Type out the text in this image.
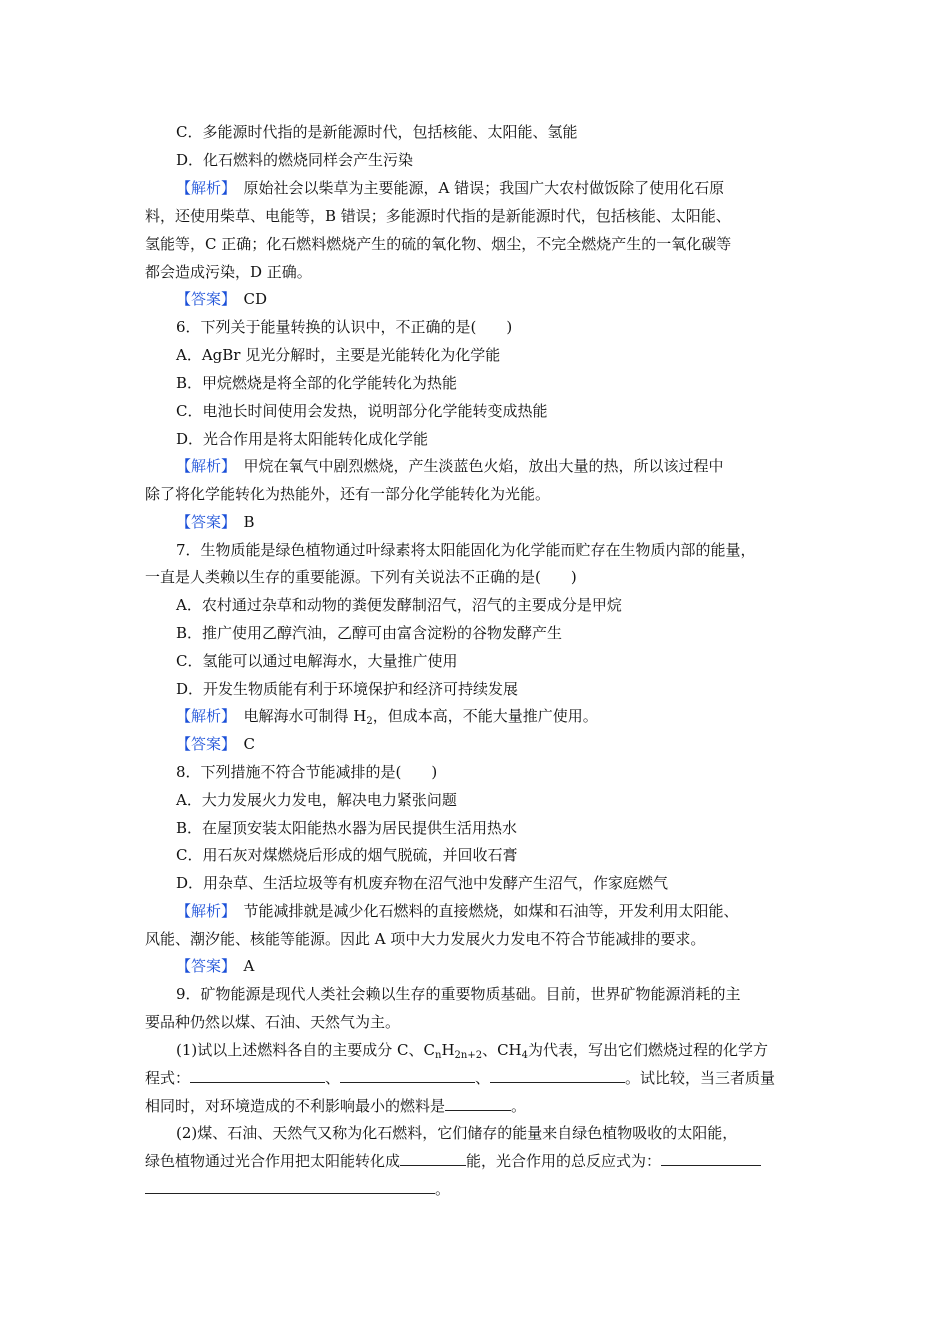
C．多能源时代指的是新能源时代，包括核能、太阳能、氢能
D．化石燃料的燃烧同样会产生污染
【解析】　 原始社会以柴草为主要能源，A 错误；我国广大农村做饭除了使用化石原
料，还使用柴草、电能等，B 错误；多能源时代指的是新能源时代，包括核能、太阳能、
氢能等，C 正确；化石燃料燃烧产生的硫的氧化物、烟尘，不完全燃烧产生的一氧化碳等
都会造成污染，D 正确。
【答案】　 CD
6．下列关于能量转换的认识中，不正确的是(　　)
A．AgBr 见光分解时，主要是光能转化为化学能
B．甲烷燃烧是将全部的化学能转化为热能
C．电池长时间使用会发热，说明部分化学能转变成热能
D．光合作用是将太阳能转化成化学能
【解析】　 甲烷在氧气中剧烈燃烧，产生淡蓝色火焰，放出大量的热，所以该过程中
除了将化学能转化为热能外，还有一部分化学能转化为光能。
【答案】　 B
7．生物质能是绿色植物通过叶绿素将太阳能固化为化学能而贮存在生物质内部的能量，
一直是人类赖以生存的重要能源。下列有关说法不正确的是(　　)
A．农村通过杂草和动物的粪便发酵制沼气，沼气的主要成分是甲烷
B．推广使用乙醇汽油，乙醇可由富含淀粉的谷物发酵产生
C．氢能可以通过电解海水，大量推广使用
D．开发生物质能有利于环境保护和经济可持续发展
【解析】　 电解海水可制得 $H_2$，但成本高，不能大量推广使用。
【答案】　 C
8．下列措施不符合节能减排的是(　　)
A．大力发展火力发电，解决电力紧张问题
B．在屋顶安装太阳能热水器为居民提供生活用热水
C．用石灰对煤燃烧后形成的烟气脱硫，并回收石膏
D．用杂草、生活垃圾等有机废弃物在沼气池中发酵产生沼气，作家庭燃气
【解析】　 节能减排就是减少化石燃料的直接燃烧，如煤和石油等，开发利用太阳能、
风能、潮汐能、核能等能源。因此 A 项中大力发展火力发电不符合节能减排的要求。
【答案】　 A
9．矿物能源是现代人类社会赖以生存的重要物质基础。目前，世界矿物能源消耗的主
要品种仍然以煤、石油、天然气为主。
(1)试以上述燃料各自的主要成分 C、$C_nH_{2n+2}$、$CH_4$为代表，写出它们燃烧过程的化学方
程式：	、	、	。试比较，当三者质量
相同时，对环境造成的不利影响最小的燃料是	。
(2)煤、石油、天然气又称为化石燃料，它们储存的能量来自绿色植物吸收的太阳能，
绿色植物通过光合作用把太阳能转化成	能，光合作用的总反应式为：
。
